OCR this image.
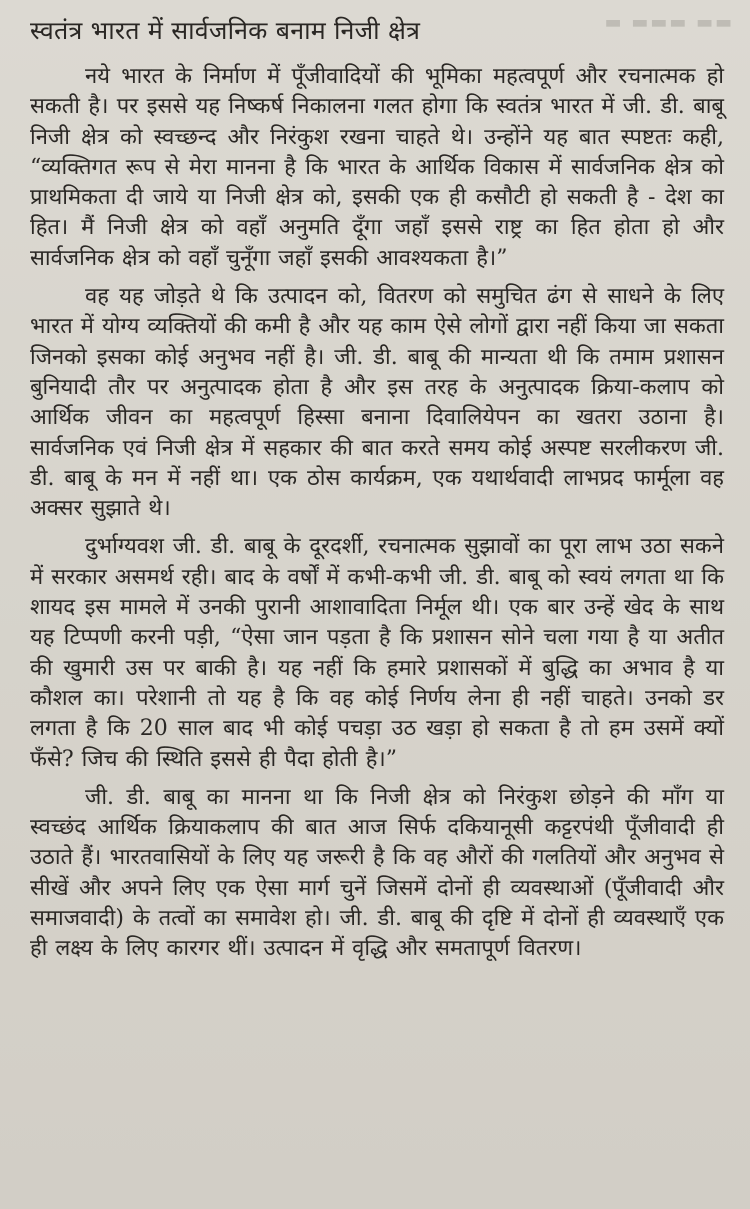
▬ ▬▬▬ ▬▬
स्वतंत्र भारत में सार्वजनिक बनाम निजी क्षेत्र

नये भारत के निर्माण में पूँजीवादियों की भूमिका महत्वपूर्ण और रचनात्मक हो सकती है। पर इससे यह निष्कर्ष निकालना गलत होगा कि स्वतंत्र भारत में जी. डी. बाबू निजी क्षेत्र को स्वच्छन्द और निरंकुश रखना चाहते थे। उन्होंने यह बात स्पष्टतः कही, “व्यक्तिगत रूप से मेरा मानना है कि भारत के आर्थिक विकास में सार्वजनिक क्षेत्र को प्राथमिकता दी जाये या निजी क्षेत्र को, इसकी एक ही कसौटी हो सकती है - देश का हित। मैं निजी क्षेत्र को वहाँ अनुमति दूँगा जहाँ इससे राष्ट्र का हित होता हो और सार्वजनिक क्षेत्र को वहाँ चुनूँगा जहाँ इसकी आवश्यकता है।”

वह यह जोड़ते थे कि उत्पादन को, वितरण को समुचित ढंग से साधने के लिए भारत में योग्य व्यक्तियों की कमी है और यह काम ऐसे लोगों द्वारा नहीं किया जा सकता जिनको इसका कोई अनुभव नहीं है। जी. डी. बाबू की मान्यता थी कि तमाम प्रशासन बुनियादी तौर पर अनुत्पादक होता है और इस तरह के अनुत्पादक क्रिया-कलाप को आर्थिक जीवन का महत्वपूर्ण हिस्सा बनाना दिवालियेपन का खतरा उठाना है। सार्वजनिक एवं निजी क्षेत्र में सहकार की बात करते समय कोई अस्पष्ट सरलीकरण जी. डी. बाबू के मन में नहीं था। एक ठोस कार्यक्रम, एक यथार्थवादी लाभप्रद फार्मूला वह अक्सर सुझाते थे।

दुर्भाग्यवश जी. डी. बाबू के दूरदर्शी, रचनात्मक सुझावों का पूरा लाभ उठा सकने में सरकार असमर्थ रही। बाद के वर्षों में कभी-कभी जी. डी. बाबू को स्वयं लगता था कि शायद इस मामले में उनकी पुरानी आशावादिता निर्मूल थी। एक बार उन्हें खेद के साथ यह टिप्पणी करनी पड़ी, “ऐसा जान पड़ता है कि प्रशासन सोने चला गया है या अतीत की खुमारी उस पर बाकी है। यह नहीं कि हमारे प्रशासकों में बुद्धि का अभाव है या कौशल का। परेशानी तो यह है कि वह कोई निर्णय लेना ही नहीं चाहते। उनको डर लगता है कि 20 साल बाद भी कोई पचड़ा उठ खड़ा हो सकता है तो हम उसमें क्यों फँसे? जिच की स्थिति इससे ही पैदा होती है।”

जी. डी. बाबू का मानना था कि निजी क्षेत्र को निरंकुश छोड़ने की माँग या स्वच्छंद आर्थिक क्रियाकलाप की बात आज सिर्फ दकियानूसी कट्टरपंथी पूँजीवादी ही उठाते हैं। भारतवासियों के लिए यह जरूरी है कि वह औरों की गलतियों और अनुभव से सीखें और अपने लिए एक ऐसा मार्ग चुनें जिसमें दोनों ही व्यवस्थाओं (पूँजीवादी और समाजवादी) के तत्वों का समावेश हो। जी. डी. बाबू की दृष्टि में दोनों ही व्यवस्थाएँ एक ही लक्ष्य के लिए कारगर थीं। उत्पादन में वृद्धि और समतापूर्ण वितरण।
